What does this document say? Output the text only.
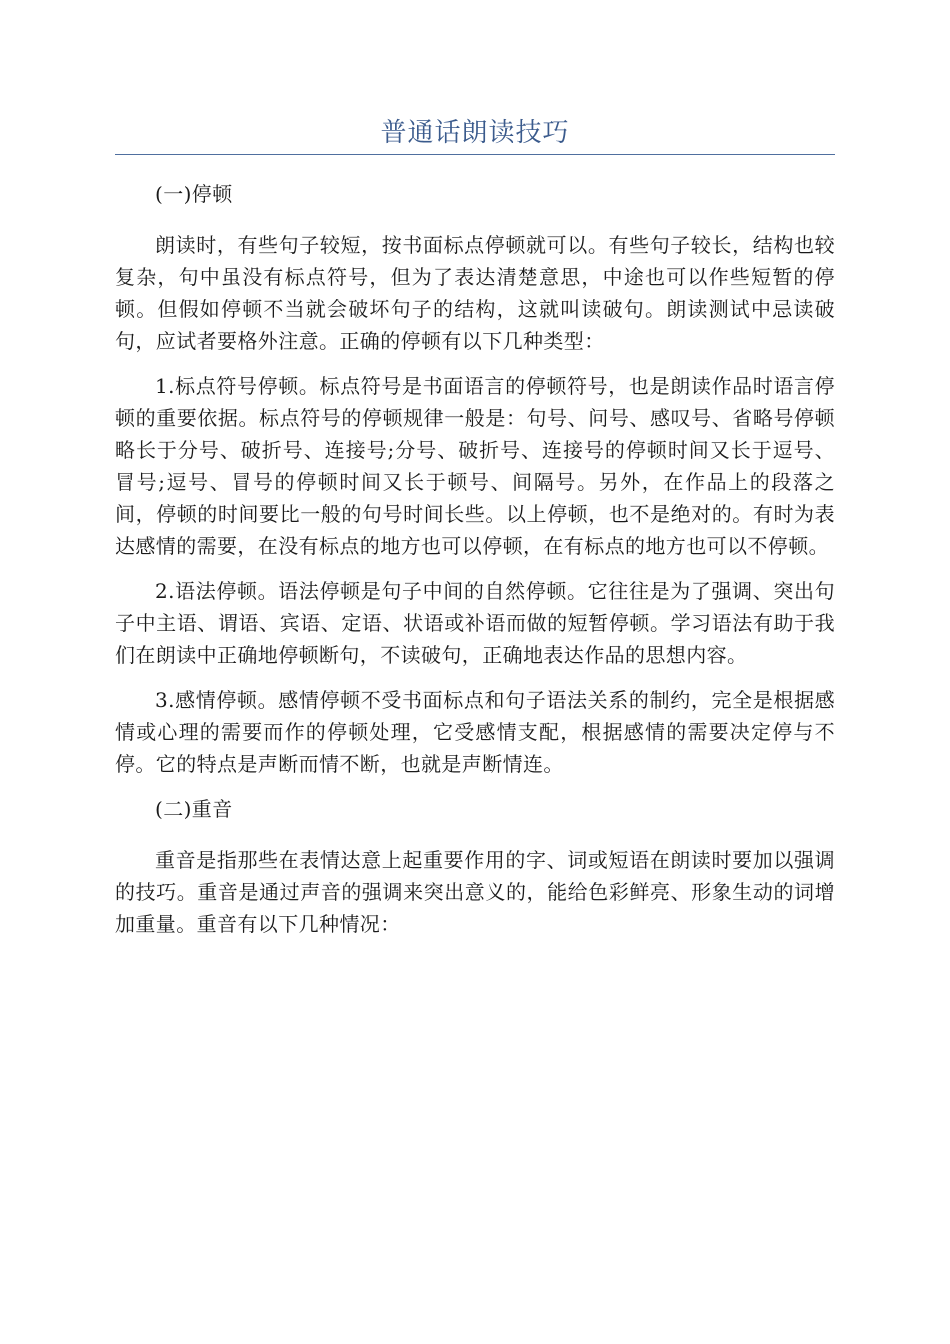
普通话朗读技巧

(一)停顿

朗读时，有些句子较短，按书面标点停顿就可以。有些句子较长，结构也较复杂，句中虽没有标点符号，但为了表达清楚意思，中途也可以作些短暂的停顿。但假如停顿不当就会破坏句子的结构，这就叫读破句。朗读测试中忌读破句，应试者要格外注意。正确的停顿有以下几种类型：

1.标点符号停顿。标点符号是书面语言的停顿符号，也是朗读作品时语言停顿的重要依据。标点符号的停顿规律一般是：句号、问号、感叹号、省略号停顿略长于分号、破折号、连接号;分号、破折号、连接号的停顿时间又长于逗号、冒号;逗号、冒号的停顿时间又长于顿号、间隔号。另外，在作品上的段落之间，停顿的时间要比一般的句号时间长些。以上停顿，也不是绝对的。有时为表达感情的需要，在没有标点的地方也可以停顿，在有标点的地方也可以不停顿。

2.语法停顿。语法停顿是句子中间的自然停顿。它往往是为了强调、突出句子中主语、谓语、宾语、定语、状语或补语而做的短暂停顿。学习语法有助于我们在朗读中正确地停顿断句，不读破句，正确地表达作品的思想内容。

3.感情停顿。感情停顿不受书面标点和句子语法关系的制约，完全是根据感情或心理的需要而作的停顿处理，它受感情支配，根据感情的需要决定停与不停。它的特点是声断而情不断，也就是声断情连。

(二)重音

重音是指那些在表情达意上起重要作用的字、词或短语在朗读时要加以强调的技巧。重音是通过声音的强调来突出意义的，能给色彩鲜亮、形象生动的词增加重量。重音有以下几种情况：
